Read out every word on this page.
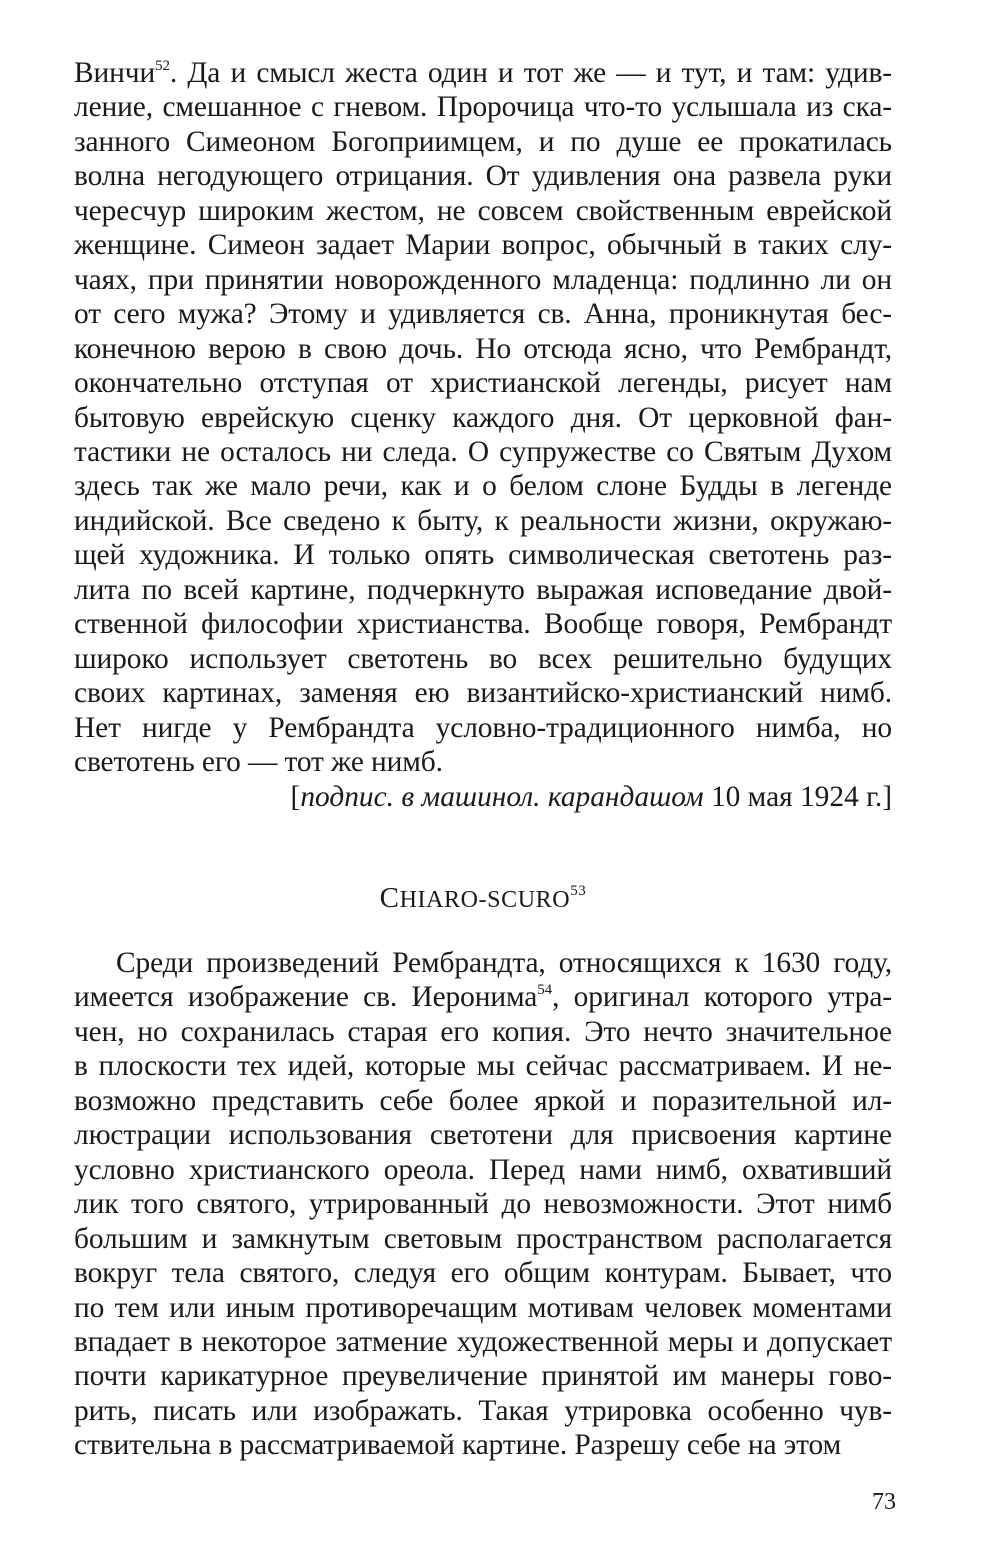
Винчи$^{52}$. Да и смысл жеста один и тот же — и тут, и там: удив-
ление, смешанное с гневом. Пророчица что-то услышала из ска-
занного Симеоном Богоприимцем, и по душе ее прокатилась
волна негодующего отрицания. От удивления она развела руки
чересчур широким жестом, не совсем свойственным еврейской
женщине. Симеон задает Марии вопрос, обычный в таких слу-
чаях, при принятии новорожденного младенца: подлинно ли он
от сего мужа? Этому и удивляется св. Анна, проникнутая бес-
конечною верою в свою дочь. Но отсюда ясно, что Рембрандт,
окончательно отступая от христианской легенды, рисует нам
бытовую еврейскую сценку каждого дня. От церковной фан-
тастики не осталось ни следа. О супружестве со Святым Духом
здесь так же мало речи, как и о белом слоне Будды в легенде
индийской. Все сведено к быту, к реальности жизни, окружаю-
щей художника. И только опять символическая светотень раз-
лита по всей картине, подчеркнуто выражая исповедание двой-
ственной философии христианства. Вообще говоря, Рембрандт
широко использует светотень во всех решительно будущих
своих картинах, заменяя ею византийско-христианский нимб.
Нет нигде у Рембрандта условно-традиционного нимба, но
светотень его — тот же нимб.

[подпис. в машинол. карандашом 10 мая 1924 г.]

CHIARO-SCURO$^{53}$
Среди произведений Рембрандта, относящихся к 1630 году,
имеется изображение св. Иеронима$^{54}$, оригинал которого утра-
чен, но сохранилась старая его копия. Это нечто значительное
в плоскости тех идей, которые мы сейчас рассматриваем. И не-
возможно представить себе более яркой и поразительной ил-
люстрации использования светотени для присвоения картине
условно христианского ореола. Перед нами нимб, охвативший
лик того святого, утрированный до невозможности. Этот нимб
большим и замкнутым световым пространством располагается
вокруг тела святого, следуя его общим контурам. Бывает, что
по тем или иным противоречащим мотивам человек моментами
впадает в некоторое затмение художественной меры и допускает
почти карикатурное преувеличение принятой им манеры гово-
рить, писать или изображать. Такая утрировка особенно чув-
ствительна в рассматриваемой картине. Разрешу себе на этом
73
